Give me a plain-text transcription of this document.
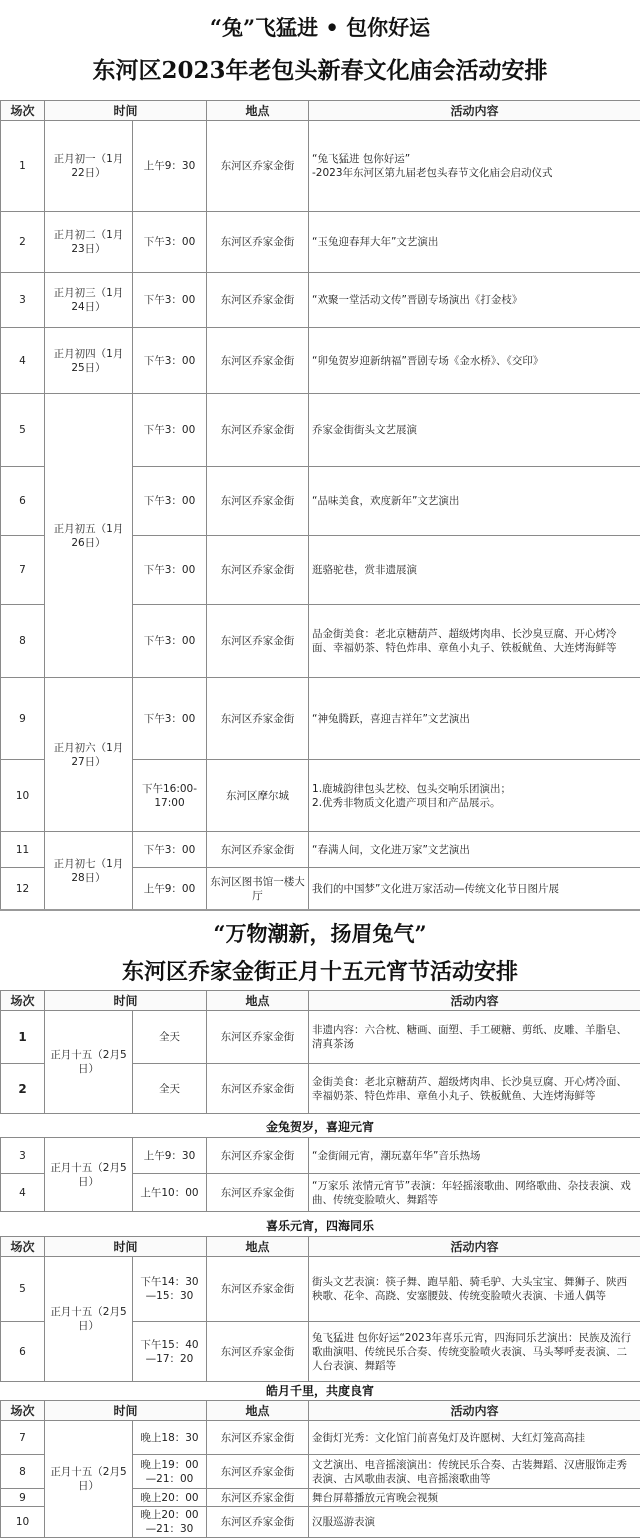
“兔”飞猛进 • 包你好运
东河区2023年老包头新春文化庙会活动安排
场次	时间		地点	活动内容
1	正月初一（1月22日）	上午9：30	东河区乔家金街	“兔飞猛进 包你好运”
-2023年东河区第九届老包头春节文化庙会启动仪式
2	正月初二（1月23日）	下午3：00	东河区乔家金街	“玉兔迎春拜大年”文艺演出
3	正月初三（1月24日）	下午3：00	东河区乔家金街	“欢聚一堂活动文传”晋剧专场演出《打金枝》
4	正月初四（1月25日）	下午3：00	东河区乔家金街	“卯兔贺岁迎新纳福”晋剧专场《金水桥》、《交印》
5	正月初五（1月26日）	下午3：00	东河区乔家金街	乔家金街街头文艺展演
6		下午3：00	东河区乔家金街	“品味美食，欢度新年”文艺演出
7		下午3：00	东河区乔家金街	逛骆驼巷，赏非遗展演
8		下午3：00	东河区乔家金街	品金街美食：老北京糖葫芦、超级烤肉串、长沙臭豆腐、开心烤冷面、幸福奶茶、特色炸串、章鱼小丸子、铁板鱿鱼、大连烤海鲜等
9	正月初六（1月27日）	下午3：00	东河区乔家金街	“神兔腾跃，喜迎吉祥年”文艺演出
10		下午16:00-17:00	东河区摩尔城	1.鹿城韵律包头艺校、包头交响乐团演出；
2.优秀非物质文化遗产项目和产品展示。
11	正月初七（1月28日）	下午3：00	东河区乔家金街	“春满人间，文化进万家”文艺演出
12		上午9：00	东河区图书馆一楼大厅	我们的中国梦”文化进万家活动—传统文化节日图片展
“万物潮新，扬眉兔气”
东河区乔家金街正月十五元宵节活动安排
场次	时间		地点	活动内容
1	正月十五（2月5日）	全天	东河区乔家金街	非遗内容：六合枕、糖画、面塑、手工硬糖、剪纸、皮雕、羊脂皂、清真茶汤
2		全天	东河区乔家金街	金街美食：老北京糖葫芦、超级烤肉串、长沙臭豆腐、开心烤冷面、幸福奶茶、特色炸串、章鱼小丸子、铁板鱿鱼、大连烤海鲜等
金兔贺岁，喜迎元宵
3	正月十五（2月5日）	上午9：30	东河区乔家金街	“金街闹元宵，潮玩嘉年华”音乐热场
4		上午10：00	东河区乔家金街	“万家乐 浓情元宵节”表演：年轻摇滚歌曲、网络歌曲、杂技表演、戏曲、传统变脸喷火、舞蹈等
喜乐元宵，四海同乐
场次	时间		地点	活动内容
5	正月十五（2月5日）	下午14：30—15：30	东河区乔家金街	街头文艺表演：筷子舞、跑旱船、骑毛驴、大头宝宝、舞狮子、陕西秧歌、花伞、高跷、安塞腰鼓、传统变脸喷火表演、卡通人偶等
6		下午15：40—17：20	东河区乔家金街	兔飞猛进 包你好运“2023年喜乐元宵，四海同乐艺演出：民族及流行歌曲演唱、传统民乐合奏、传统变脸喷火表演、马头琴呼麦表演、二人台表演、舞蹈等
皓月千里，共度良宵
场次	时间		地点	活动内容
7	正月十五（2月5日）	晚上18：30	东河区乔家金街	金街灯光秀：文化馆门前喜兔灯及许愿树、大红灯笼高高挂
8		晚上19：00—21：00	东河区乔家金街	文艺演出、电音摇滚演出：传统民乐合奏、古装舞蹈、汉唐服饰走秀表演、古风歌曲表演、电音摇滚歌曲等
9		晚上20：00	东河区乔家金街	舞台屏幕播放元宵晚会视频
10		晚上20：00—21：30	东河区乔家金街	汉服巡游表演
